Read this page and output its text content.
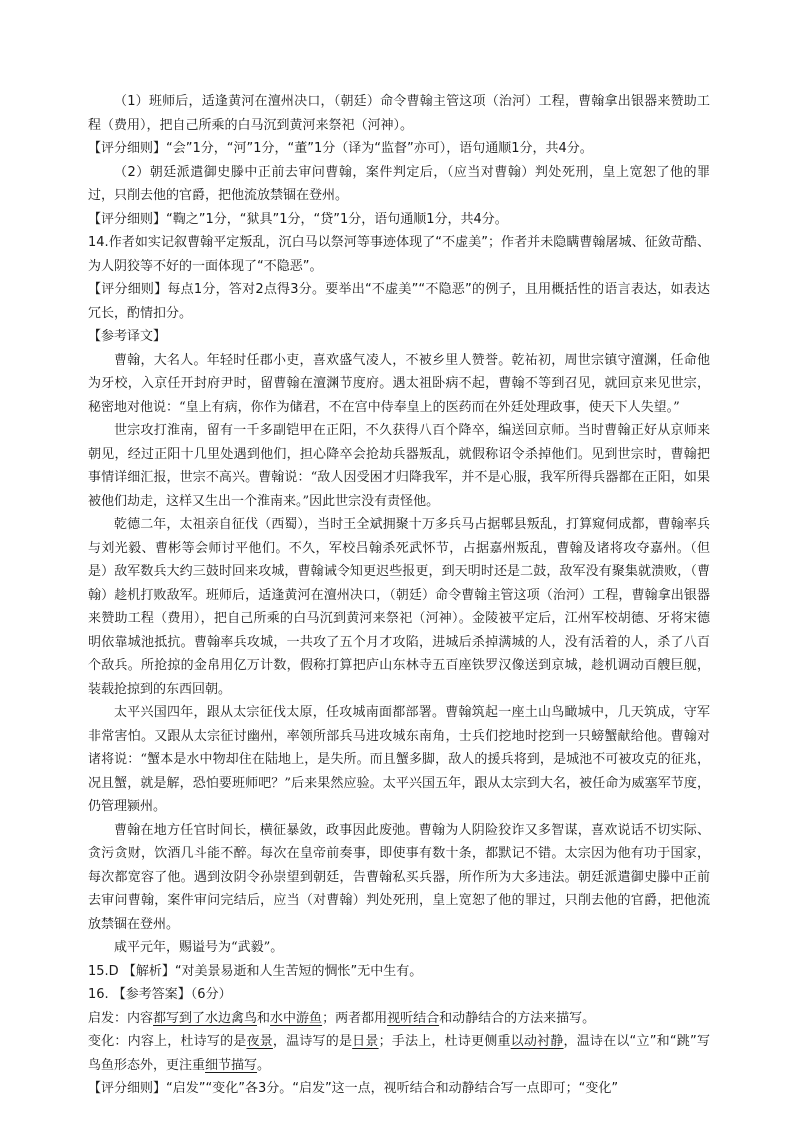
（1）班师后，适逢黄河在澶州决口，（朝廷）命令曹翰主管这项（治河）工程，曹翰拿出银器来赞助工程（费用），把自己所乘的白马沉到黄河来祭祀（河神）。

【评分细则】“会”1分，“河”1分，“董”1分（译为“监督”亦可），语句通顺1分，共4分。

（2）朝廷派遣御史滕中正前去审问曹翰，案件判定后，（应当对曹翰）判处死刑，皇上宽恕了他的罪过，只削去他的官爵，把他流放禁锢在登州。

【评分细则】“鞫之”1分，“狱具”1分，“贷”1分，语句通顺1分，共4分。

14.作者如实记叙曹翰平定叛乱，沉白马以祭河等事迹体现了“不虚美”；作者并未隐瞒曹翰屠城、征敛苛酷、为人阴狡等不好的一面体现了“不隐恶”。

【评分细则】每点1分，答对2点得3分。要举出“不虚美”“不隐恶”的例子，且用概括性的语言表达，如表达冗长，酌情扣分。

【参考译文】

曹翰，大名人。年轻时任郡小吏，喜欢盛气凌人，不被乡里人赞誉。乾祐初，周世宗镇守澶渊，任命他为牙校，入京任开封府尹时，留曹翰在澶渊节度府。遇太祖卧病不起，曹翰不等到召见，就回京来见世宗，秘密地对他说：“皇上有病，你作为储君，不在宫中侍奉皇上的医药而在外廷处理政事，使天下人失望。”

世宗攻打淮南，留有一千多副铠甲在正阳，不久获得八百个降卒，编送回京师。当时曹翰正好从京师来朝见，经过正阳十几里处遇到他们，担心降卒会抢劫兵器叛乱，就假称诏令杀掉他们。见到世宗时，曹翰把事情详细汇报，世宗不高兴。曹翰说：“敌人因受困才归降我军，并不是心服，我军所得兵器都在正阳，如果被他们劫走，这样又生出一个淮南来。”因此世宗没有责怪他。

乾德二年，太祖亲自征伐（西蜀），当时王全斌拥聚十万多兵马占据郫县叛乱，打算窥伺成都，曹翰率兵与刘光毅、曹彬等会师讨平他们。不久，军校吕翰杀死武怀节，占据嘉州叛乱，曹翰及诸将攻夺嘉州。（但是）敌军数兵大约三鼓时回来攻城，曹翰诫令知更迟些报更，到天明时还是二鼓，敌军没有聚集就溃败，（曹翰）趁机打败敌军。班师后，适逢黄河在澶州决口，（朝廷）命令曹翰主管这项（治河）工程，曹翰拿出银器来赞助工程（费用），把自己所乘的白马沉到黄河来祭祀（河神）。金陵被平定后，江州军校胡德、牙将宋德明依靠城池抵抗。曹翰率兵攻城，一共攻了五个月才攻陷，进城后杀掉满城的人，没有活着的人，杀了八百个敌兵。所抢掠的金帛用亿万计数，假称打算把庐山东林寺五百座铁罗汉像送到京城，趁机调动百艘巨舰，装载抢掠到的东西回朝。

太平兴国四年，跟从太宗征伐太原，任攻城南面都部署。曹翰筑起一座土山鸟瞰城中，几天筑成，守军非常害怕。又跟从太宗征讨幽州，率领所部兵马进攻城东南角，士兵们挖地时挖到一只螃蟹献给他。曹翰对诸将说：“蟹本是水中物却住在陆地上，是失所。而且蟹多脚，敌人的援兵将到，是城池不可被攻克的征兆，况且蟹，就是解，恐怕要班师吧？”后来果然应验。太平兴国五年，跟从太宗到大名，被任命为威塞军节度，仍管理颍州。

曹翰在地方任官时间长，横征暴敛，政事因此废弛。曹翰为人阴险狡诈又多智谋，喜欢说话不切实际、贪污贪财，饮酒几斗能不醉。每次在皇帝前奏事，即使事有数十条，都默记不错。太宗因为他有功于国家，每次都宽容了他。遇到汝阴令孙崇望到朝廷，告曹翰私买兵器，所作所为大多违法。朝廷派遣御史滕中正前去审问曹翰，案件审问完结后，应当（对曹翰）判处死刑，皇上宽恕了他的罪过，只削去他的官爵，把他流放禁锢在登州。

咸平元年，赐谥号为“武毅”。

15.D 【解析】“对美景易逝和人生苦短的惆怅”无中生有。

16. 【参考答案】（6分）

启发：内容都写到了水边禽鸟和水中游鱼；两者都用视听结合和动静结合的方法来描写。

变化：内容上，杜诗写的是夜景，温诗写的是日景；手法上，杜诗更侧重以动衬静，温诗在以“立”和“跳”写鸟鱼形态外，更注重细节描写。

【评分细则】“启发”“变化”各3分。“启发”这一点，视听结合和动静结合写一点即可；“变化”
